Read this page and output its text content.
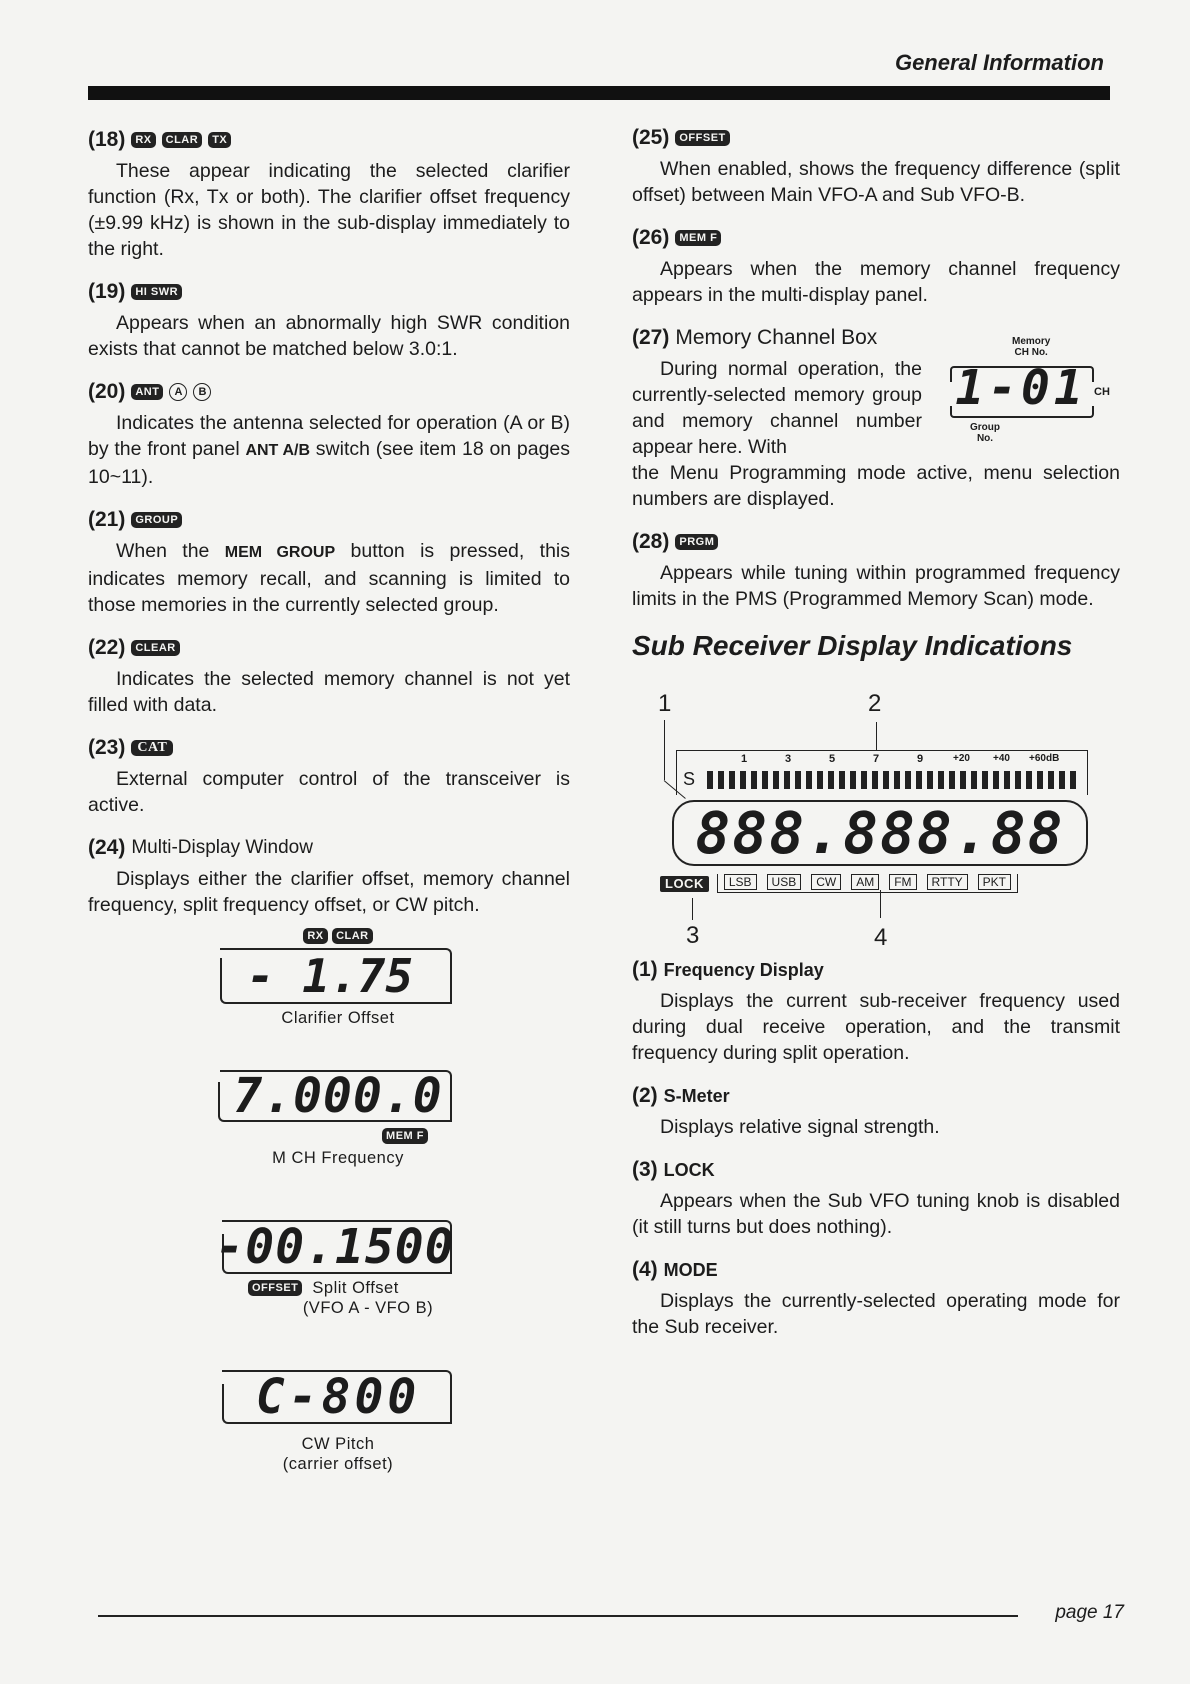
General Information
(18) RX	CLAR	TX

These appear indicating the selected clarifier function (Rx, Tx or both). The clarifier offset frequency (±9.99 kHz) is shown in the sub-display immediately to the right.

(19) HI SWR

Appears when an abnormally high SWR condition exists that cannot be matched below 3.0:1.

(20) ANT	A	B

Indicates the antenna selected for operation (A or B) by the front panel ANT A/B switch (see item 18 on pages 10~11).

(21) GROUP

When the MEM GROUP button is pressed, this indicates memory recall, and scanning is limited to those memories in the currently selected group.

(22) CLEAR

Indicates the selected memory channel is not yet filled with data.

(23) CAT

External computer control of the transceiver is active.

(24) Multi-Display Window

Displays either the clarifier offset, memory channel frequency, split frequency offset, or CW pitch.

RX CLAR
- 1.75
Clarifier Offset
7.000.0
MEM F
M CH Frequency
-00.1500
OFFSET Split Offset
(VFO A - VFO B)
C-800
CW Pitch
(carrier offset)
(25) OFFSET

When enabled, shows the frequency difference (split offset) between Main VFO-A and Sub VFO-B.

(26) MEM F

Appears when the memory channel frequency appears in the multi-display panel.

(27) Memory Channel Box

During normal operation, the currently-selected memory group and memory channel number appear here. With

Memory
CH No.
1-01 CH
Group
No.

the Menu Programming mode active, menu selection numbers are displayed.

(28) PRGM

Appears while tuning within programmed frequency limits in the PMS (Programmed Memory Scan) mode.

Sub Receiver Display Indications
1	2
S
1	3	5	7	9	+20 +40 +60dB
888.888.88
LOCK	LSB	USB	CW	AM	FM	RTTY	PKT
3	4
(1) Frequency Display

Displays the current sub-receiver frequency used during dual receive operation, and the transmit frequency during split operation.

(2) S-Meter

Displays relative signal strength.

(3) LOCK

Appears when the Sub VFO tuning knob is disabled (it still turns but does nothing).

(4) MODE

Displays the currently-selected operating mode for the Sub receiver.

page 17
